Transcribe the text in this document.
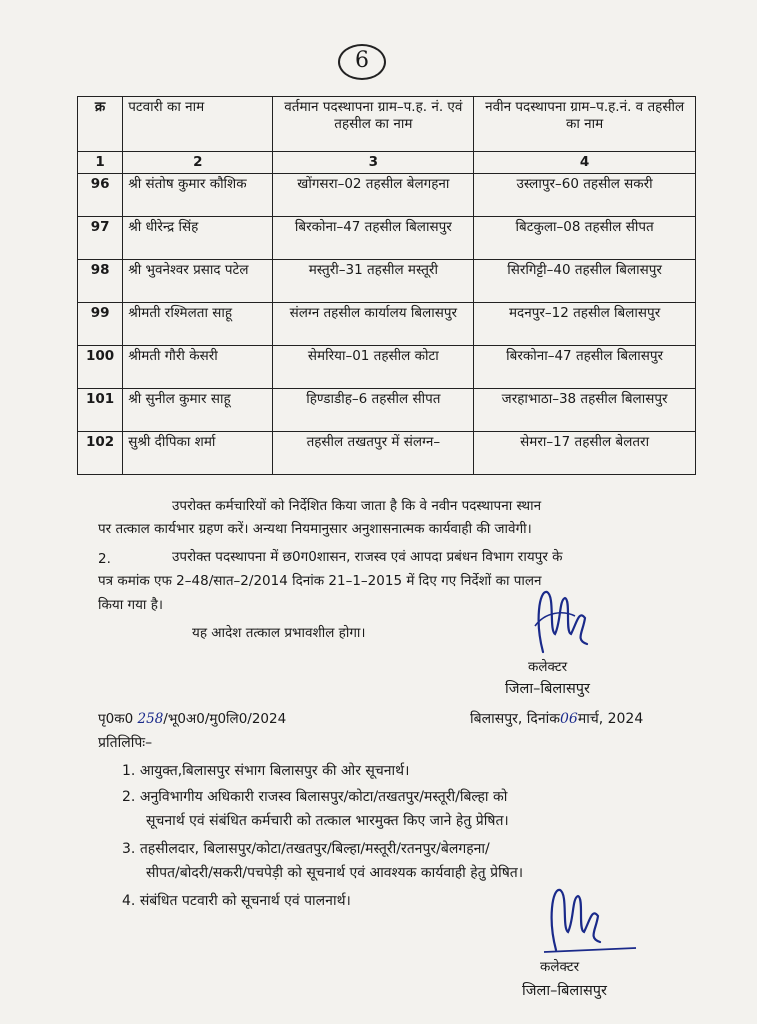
6
क्र	पटवारी का नाम	वर्तमान पदस्थापना ग्राम–प.ह. नं. एवं तहसील का नाम	नवीन पदस्थापना ग्राम–प.ह.नं. व तहसील का नाम
1	2	3	4
96	श्री संतोष कुमार कौशिक	खोंगसरा–02 तहसील बेलगहना	उस्लापुर–60 तहसील सकरी
97	श्री धीरेन्द्र सिंह	बिरकोना–47 तहसील बिलासपुर	बिटकुला–08 तहसील सीपत
98	श्री भुवनेश्वर प्रसाद पटेल	मस्तुरी–31 तहसील मस्तूरी	सिरगिट्टी–40 तहसील बिलासपुर
99	श्रीमती रश्मिलता साहू	संलग्न तहसील कार्यालय बिलासपुर	मदनपुर–12 तहसील बिलासपुर
100	श्रीमती गौरी केसरी	सेमरिया–01 तहसील कोटा	बिरकोना–47 तहसील बिलासपुर
101	श्री सुनील कुमार साहू	हिण्डाडीह–6 तहसील सीपत	जरहाभाठा–38 तहसील बिलासपुर
102	सुश्री दीपिका शर्मा	तहसील तखतपुर में संलग्न–	सेमरा–17 तहसील बेलतरा
उपरोक्त कर्मचारियों को निर्देशित किया जाता है कि वे नवीन पदस्थापना स्थान
पर तत्काल कार्यभार ग्रहण करें। अन्यथा नियमानुसार अनुशासनात्मक कार्यवाही की जावेगी।
2.	उपरोक्त पदस्थापना में छ0ग0शासन, राजस्व एवं आपदा प्रबंधन विभाग रायपुर के
पत्र कमांक एफ 2–48/सात–2/2014 दिनांक 21–1–2015 में दिए गए निर्देशों का पालन
किया गया है।
यह आदेश तत्काल प्रभावशील होगा।
कलेक्टर
जिला–बिलासपुर
पृ0क0 258/भू0अ0/मु0लि0/2024	बिलासपुर, दिनांक06मार्च, 2024
प्रतिलिपिः–
1. आयुक्त,बिलासपुर संभाग बिलासपुर की ओर सूचनार्थ।
2. अनुविभागीय अधिकारी राजस्व बिलासपुर/कोटा/तखतपुर/मस्तूरी/बिल्हा को
सूचनार्थ एवं संबंधित कर्मचारी को तत्काल भारमुक्त किए जाने हेतु प्रेषित।
3. तहसीलदार, बिलासपुर/कोटा/तखतपुर/बिल्हा/मस्तूरी/रतनपुर/बेलगहना/
सीपत/बोदरी/सकरी/पचपेड़ी को सूचनार्थ एवं आवश्यक कार्यवाही हेतु प्रेषित।
4. संबंधित पटवारी को सूचनार्थ एवं पालनार्थ।
कलेक्टर
जिला–बिलासपुर
